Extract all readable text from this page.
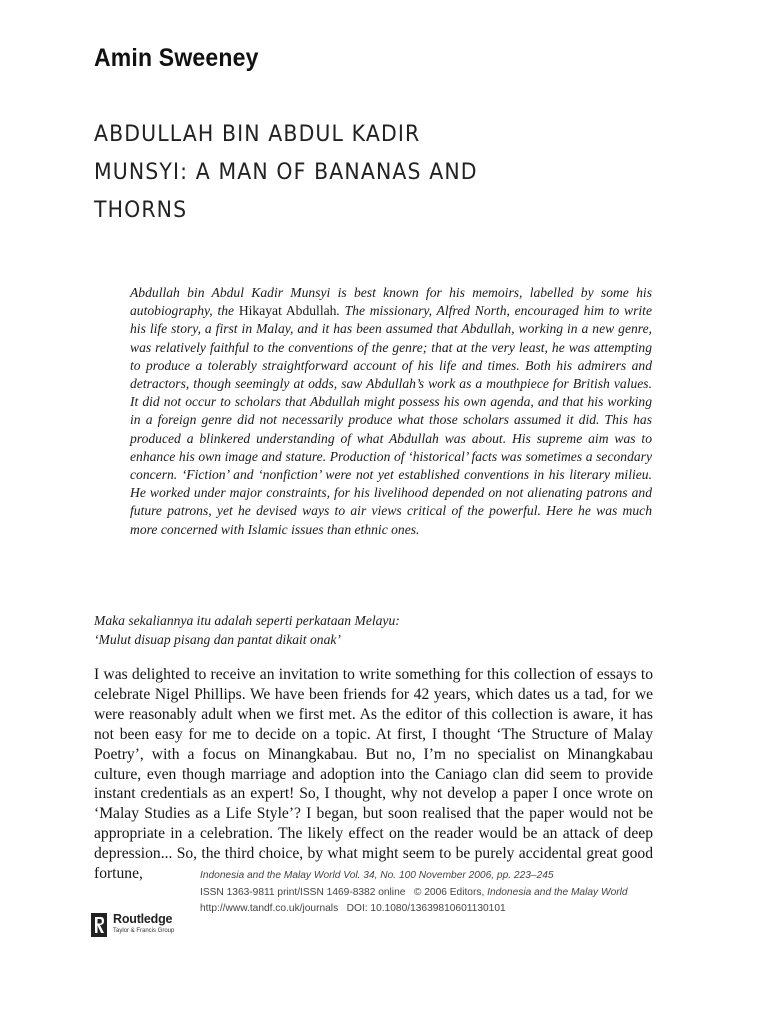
Amin Sweeney
ABDULLAH BIN ABDUL KADIR
MUNSYI: A MAN OF BANANAS AND
THORNS
Abdullah bin Abdul Kadir Munsyi is best known for his memoirs, labelled by some his autobiography, the Hikayat Abdullah. The missionary, Alfred North, encouraged him to write his life story, a first in Malay, and it has been assumed that Abdullah, working in a new genre, was relatively faithful to the conventions of the genre; that at the very least, he was attempting to produce a tolerably straightforward account of his life and times. Both his admirers and detractors, though seemingly at odds, saw Abdullah’s work as a mouthpiece for British values. It did not occur to scholars that Abdullah might possess his own agenda, and that his working in a foreign genre did not necessarily produce what those scholars assumed it did. This has produced a blinkered understanding of what Abdullah was about. His supreme aim was to enhance his own image and stature. Production of ‘historical’ facts was sometimes a secondary concern. ‘Fiction’ and ‘nonfiction’ were not yet established conventions in his literary milieu. He worked under major constraints, for his livelihood depended on not alienating patrons and future patrons, yet he devised ways to air views critical of the powerful. Here he was much more concerned with Islamic issues than ethnic ones.
Maka sekaliannya itu adalah seperti perkataan Melayu:
‘Mulut disuap pisang dan pantat dikait onak’

I was delighted to receive an invitation to write something for this collection of essays to celebrate Nigel Phillips. We have been friends for 42 years, which dates us a tad, for we were reasonably adult when we first met. As the editor of this collection is aware, it has not been easy for me to decide on a topic. At first, I thought ‘The Structure of Malay Poetry’, with a focus on Minangkabau. But no, I’m no specialist on Minangkabau culture, even though marriage and adoption into the Caniago clan did seem to provide instant credentials as an expert! So, I thought, why not develop a paper I once wrote on ‘Malay Studies as a Life Style’? I began, but soon realised that the paper would not be appropriate in a celebration. The likely effect on the reader would be an attack of deep depression... So, the third choice, by what might seem to be purely accidental great good fortune,	Indonesia and the Malay World Vol. 34, No. 100 November 2006, pp. 223–245
ISSN 1363-9811 print/ISSN 1469-8382 online © 2006 Editors, Indonesia and the Malay World
http://www.tandf.co.uk/journals   DOI: 10.1080/13639810601130101
Routledge
Taylor & Francis Group
